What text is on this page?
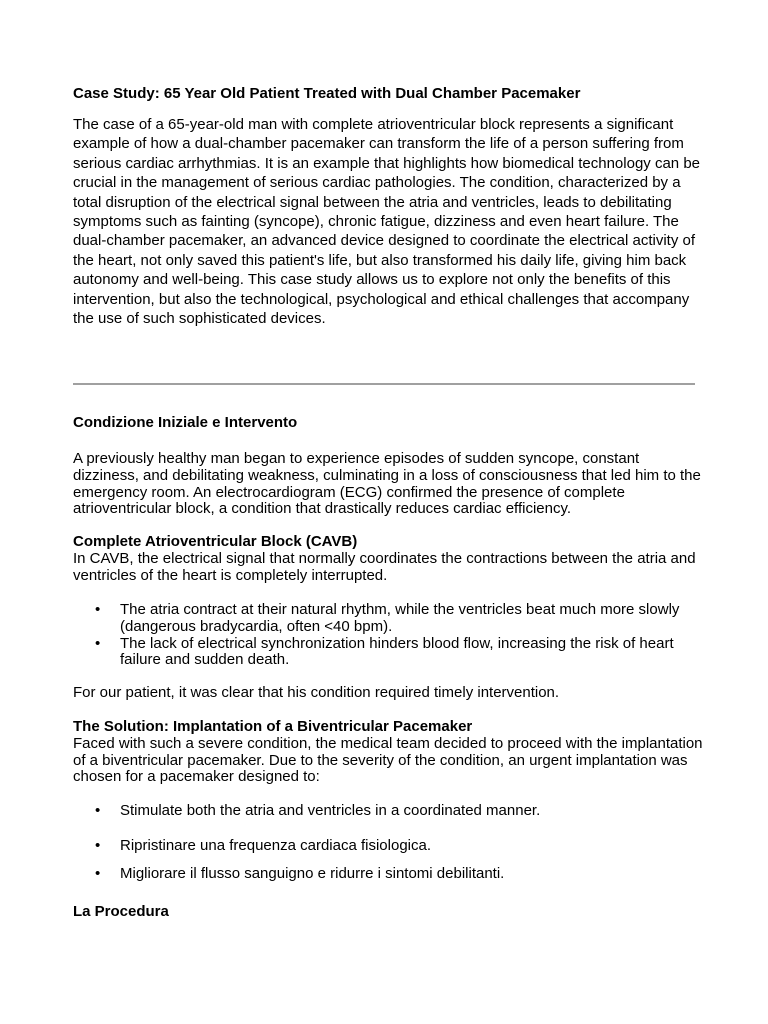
Case Study: 65 Year Old Patient Treated with Dual Chamber Pacemaker

The case of a 65-year-old man with complete atrioventricular block represents a significant example of how a dual-chamber pacemaker can transform the life of a person suffering from serious cardiac arrhythmias. It is an example that highlights how biomedical technology can be crucial in the management of serious cardiac pathologies. The condition, characterized by a total disruption of the electrical signal between the atria and ventricles, leads to debilitating symptoms such as fainting (syncope), chronic fatigue, dizziness and even heart failure. The dual-chamber pacemaker, an advanced device designed to coordinate the electrical activity of the heart, not only saved this patient's life, but also transformed his daily life, giving him back autonomy and well-being. This case study allows us to explore not only the benefits of this intervention, but also the technological, psychological and ethical challenges that accompany the use of such sophisticated devices.

Condizione Iniziale e Intervento

A previously healthy man began to experience episodes of sudden syncope, constant dizziness, and debilitating weakness, culminating in a loss of consciousness that led him to the emergency room. An electrocardiogram (ECG) confirmed the presence of complete atrioventricular block, a condition that drastically reduces cardiac efficiency.

Complete Atrioventricular Block (CAVB)
In CAVB, the electrical signal that normally coordinates the contractions between the atria and ventricles of the heart is completely interrupted.
• The atria contract at their natural rhythm, while the ventricles beat much more slowly (dangerous bradycardia, often <40 bpm).
• The lack of electrical synchronization hinders blood flow, increasing the risk of heart failure and sudden death.

For our patient, it was clear that his condition required timely intervention.

The Solution: Implantation of a Biventricular Pacemaker
Faced with such a severe condition, the medical team decided to proceed with the implantation of a biventricular pacemaker. Due to the severity of the condition, an urgent implantation was chosen for a pacemaker designed to:
• Stimulate both the atria and ventricles in a coordinated manner.
• Ripristinare una frequenza cardiaca fisiologica.
• Migliorare il flusso sanguigno e ridurre i sintomi debilitanti.

La Procedura
